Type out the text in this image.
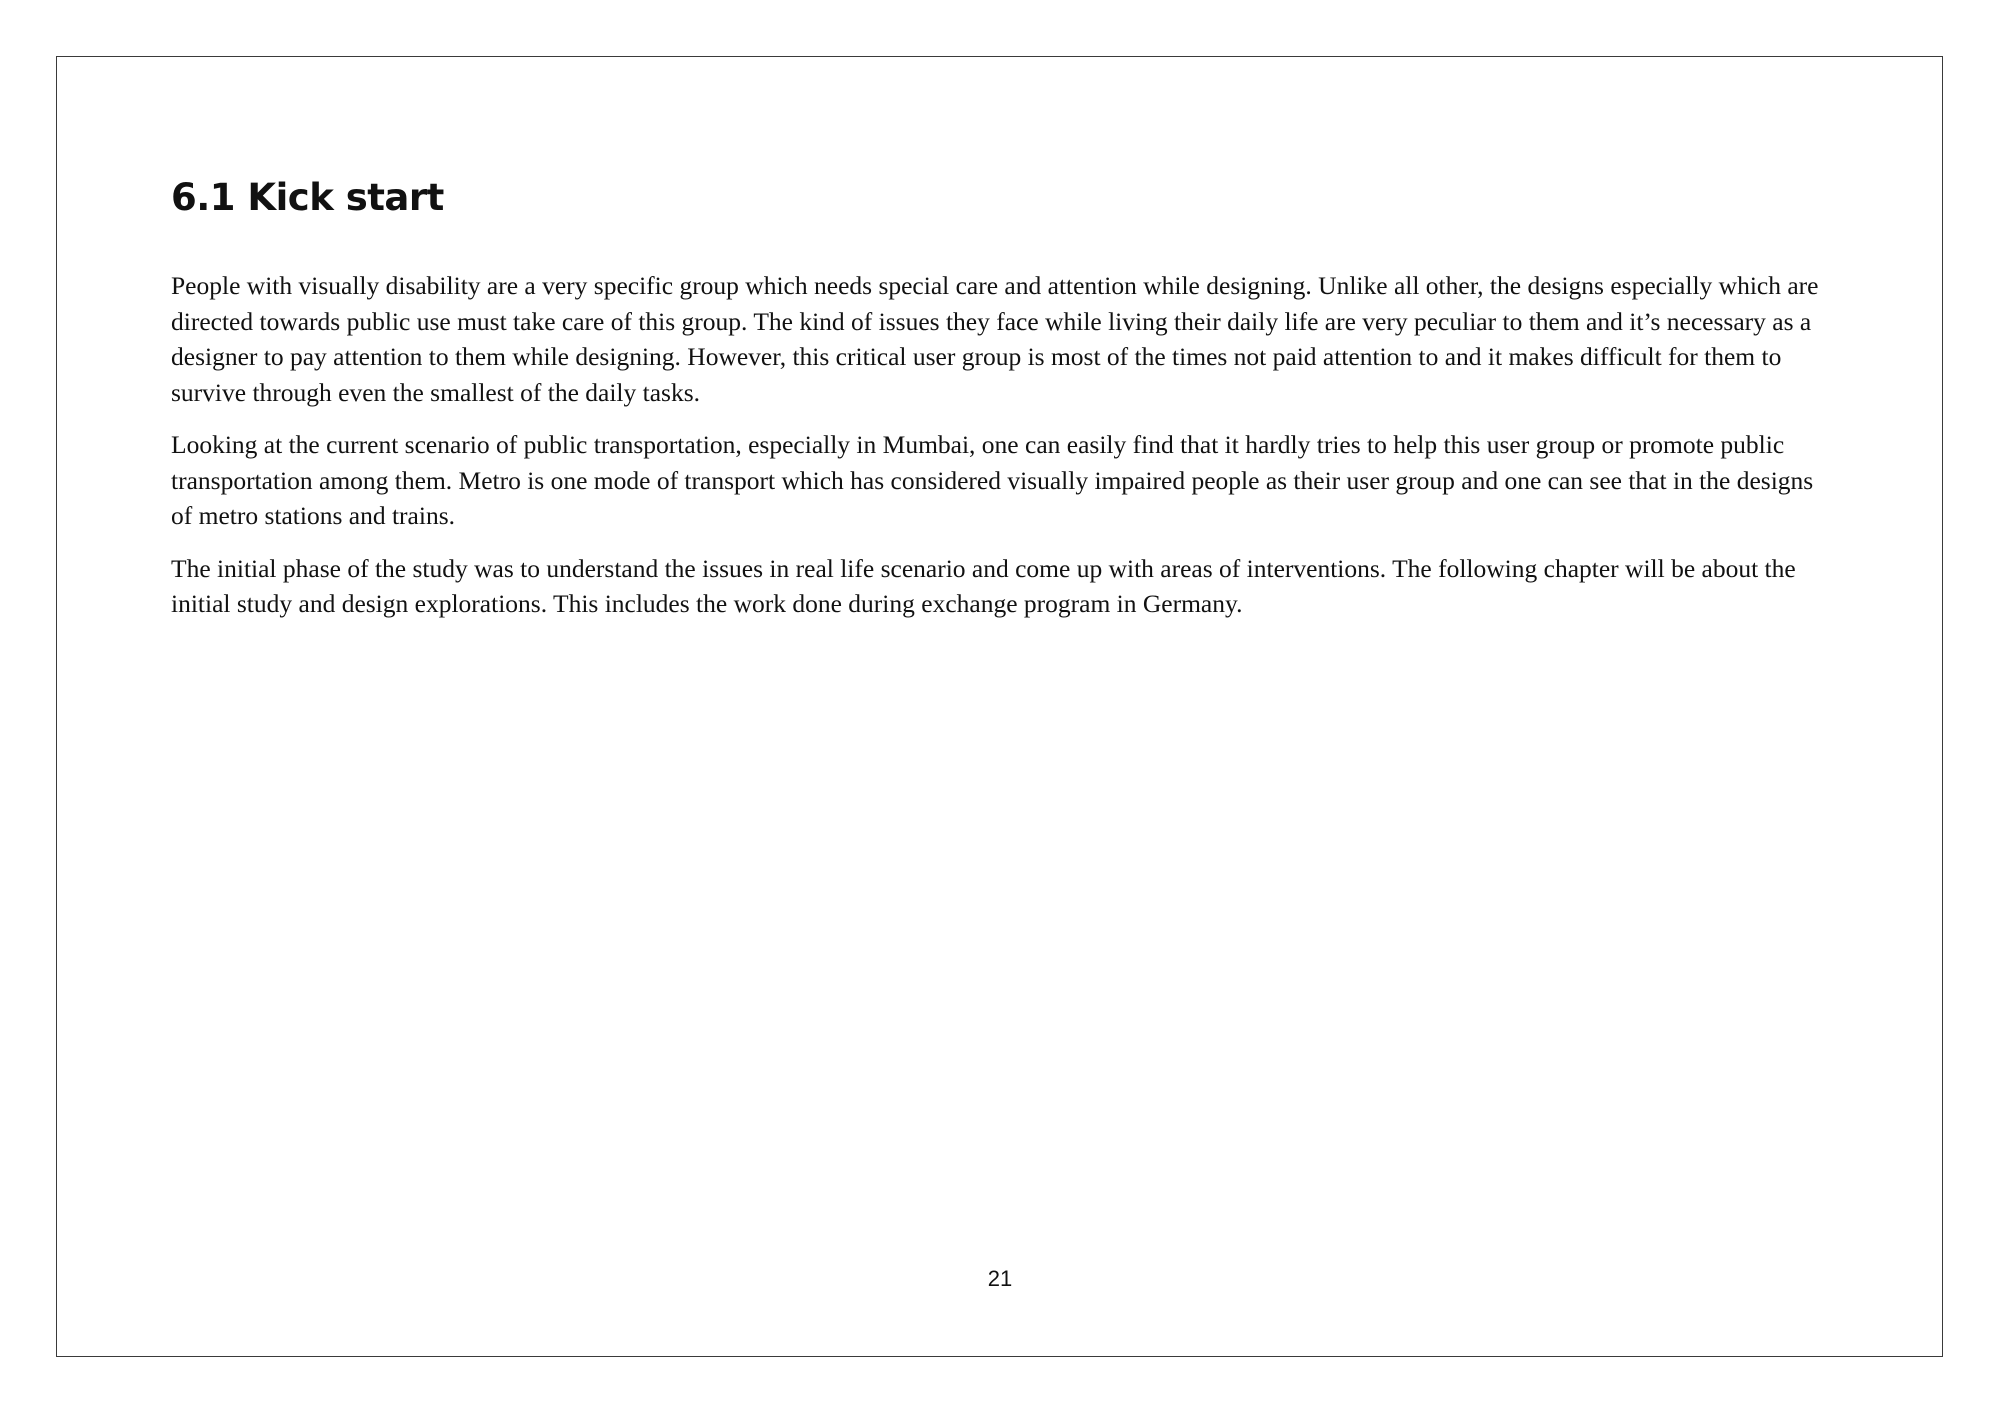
6.1 Kick start

People with visually disability are a very specific group which needs special care and attention while designing. Unlike all other, the designs especially which are directed towards public use must take care of this group. The kind of issues they face while living their daily life are very peculiar to them and it’s necessary as a designer to pay attention to them while designing. However, this critical user group is most of the times not paid attention to and it makes difficult for them to survive through even the smallest of the daily tasks.

Looking at the current scenario of public transportation, especially in Mumbai, one can easily find that it hardly tries to help this user group or promote public transportation among them. Metro is one mode of transport which has considered visually impaired people as their user group and one can see that in the designs of metro stations and trains.

The initial phase of the study was to understand the issues in real life scenario and come up with areas of interventions. The following chapter will be about the initial study and design explorations. This includes the work done during exchange program in Germany.

21
